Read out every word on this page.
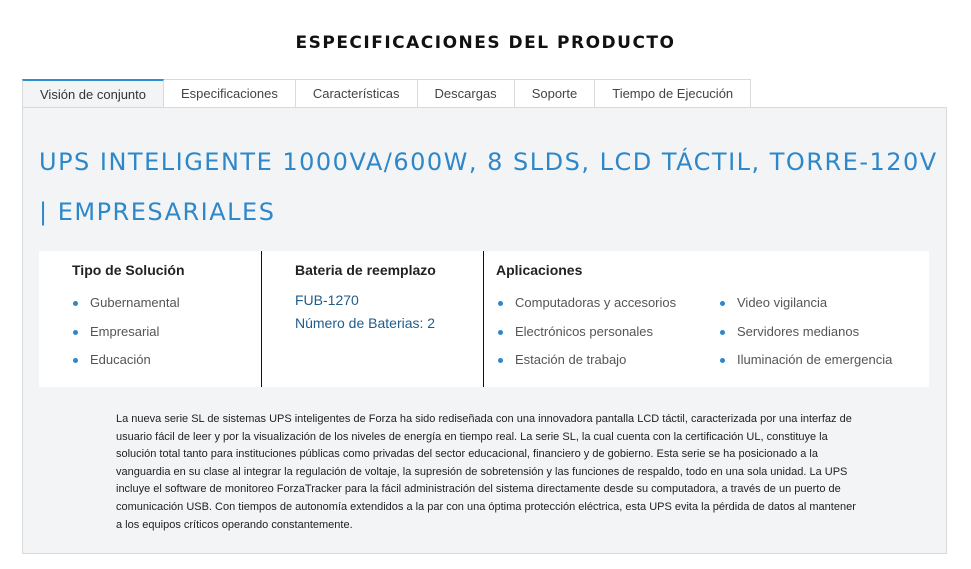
ESPECIFICACIONES DEL PRODUCTO
Visión de conjunto	Especificaciones	Características	Descargas	Soporte	Tiempo de Ejecución
UPS INTELIGENTE 1000VA/600W, 8 SLDS, LCD TÁCTIL, TORRE-120V | EMPRESARIALES
Tipo de Solución
Gubernamental
Empresarial
Educación
Bateria de reemplazo
FUB-1270
Número de Baterias: 2
Aplicaciones
Computadoras y accesorios
Electrónicos personales
Estación de trabajo
Video vigilancia
Servidores medianos
Iluminación de emergencia

La nueva serie SL de sistemas UPS inteligentes de Forza ha sido rediseñada con una innovadora pantalla LCD táctil, caracterizada por una interfaz de usuario fácil de leer y por la visualización de los niveles de energía en tiempo real. La serie SL, la cual cuenta con la certificación UL, constituye la solución total tanto para instituciones públicas como privadas del sector educacional, financiero y de gobierno. Esta serie se ha posicionado a la vanguardia en su clase al integrar la regulación de voltaje, la supresión de sobretensión y las funciones de respaldo, todo en una sola unidad. La UPS incluye el software de monitoreo ForzaTracker para la fácil administración del sistema directamente desde su computadora, a través de un puerto de comunicación USB. Con tiempos de autonomía extendidos a la par con una óptima protección eléctrica, esta UPS evita la pérdida de datos al mantener a los equipos críticos operando constantemente.
